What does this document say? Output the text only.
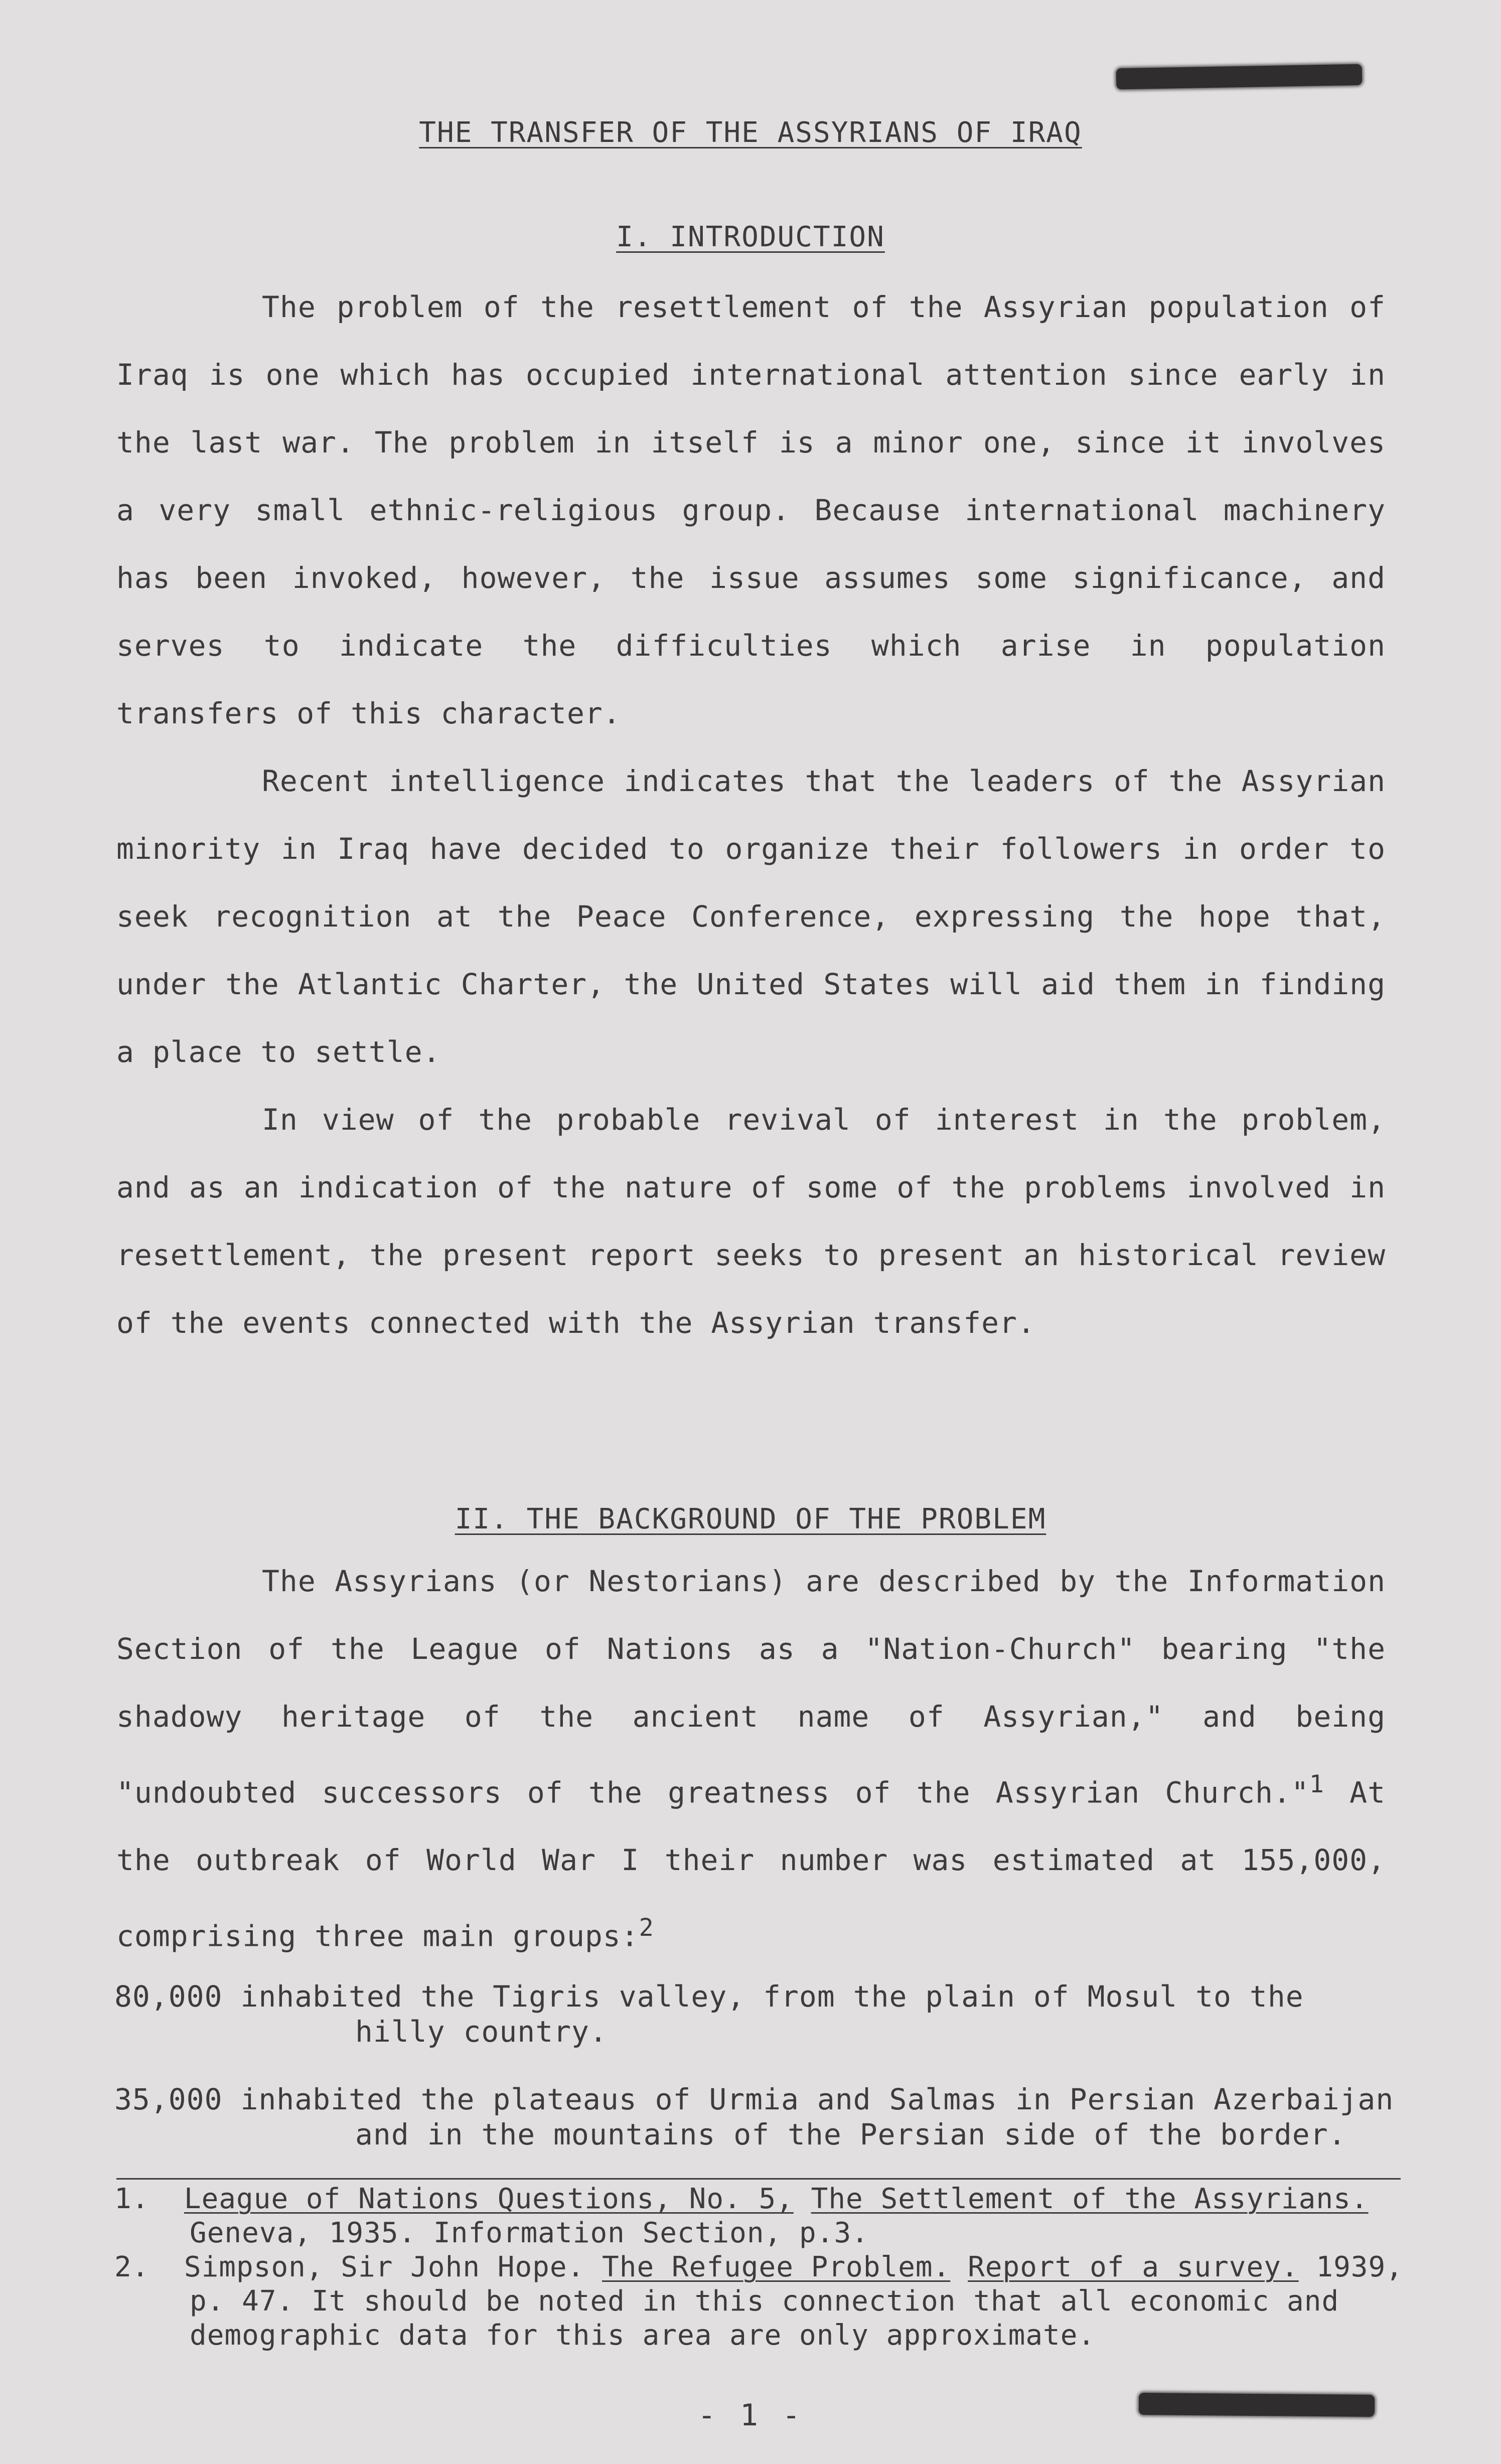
THE TRANSFER OF THE ASSYRIANS OF IRAQ
I. INTRODUCTION

The problem of the resettlement of the Assyrian population of Iraq is one which has occupied international attention since early in the last war. The problem in itself is a minor one, since it involves a very small ethnic-religious group. Because international machinery has been invoked, however, the issue assumes some significance, and serves to indicate the difficulties which arise in population transfers of this character.

Recent intelligence indicates that the leaders of the Assyrian minority in Iraq have decided to organize their followers in order to seek recognition at the Peace Conference, expressing the hope that, under the Atlantic Charter, the United States will aid them in finding a place to settle.

In view of the probable revival of interest in the problem, and as an indication of the nature of some of the problems involved in resettlement, the present report seeks to present an historical review of the events connected with the Assyrian transfer.

II. THE BACKGROUND OF THE PROBLEM

The Assyrians (or Nestorians) are described by the Information Section of the League of Nations as a "Nation-Church" bearing "the shadowy heritage of the ancient name of Assyrian," and being "undoubted successors of the greatness of the Assyrian Church."$^1$ At the outbreak of World War I their number was estimated at 155,000, comprising three main groups:$^2$

80,000 inhabited the Tigris valley, from the plain of Mosul to the hilly country.
35,000 inhabited the plateaus of Urmia and Salmas in Persian Azerbaijan and in the mountains of the Persian side of the border.
1. League of Nations Questions, No. 5, The Settlement of the Assyrians. Geneva, 1935. Information Section, p.3.
2. Simpson, Sir John Hope. The Refugee Problem. Report of a survey. 1939, p. 47. It should be noted in this connection that all economic and demographic data for this area are only approximate.
- 1 -
